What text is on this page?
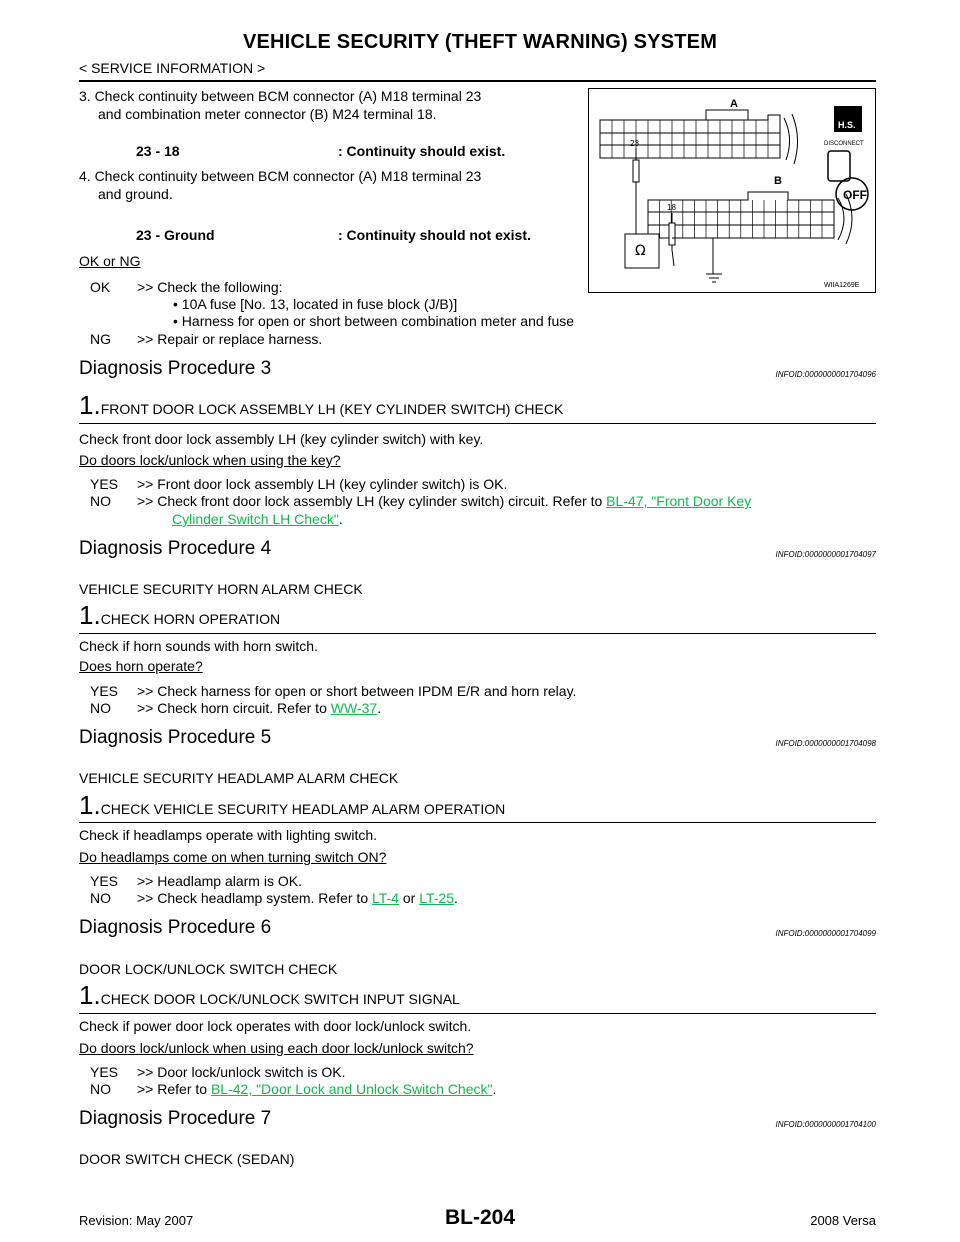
VEHICLE SECURITY (THEFT WARNING) SYSTEM
< SERVICE INFORMATION >
3. Check continuity between BCM connector (A) M18 terminal 23
and combination meter connector (B) M24 terminal 18.
23 - 18	: Continuity should exist.
4. Check continuity between BCM connector (A) M18 terminal 23
and ground.
23 - Ground	: Continuity should not exist.
OK or NG
OK >> Check the following:
• 10A fuse [No. 13, located in fuse block (J/B)]
• Harness for open or short between combination meter and fuse
NG >> Repair or replace harness.
A
B
23
18
Ω
H.S.
DISCONNECT
OFF
WIIA1269E
Diagnosis Procedure 3	INFOID:0000000001704096
1.FRONT DOOR LOCK ASSEMBLY LH (KEY CYLINDER SWITCH) CHECK
Check front door lock assembly LH (key cylinder switch) with key.
Do doors lock/unlock when using the key?
YES >> Front door lock assembly LH (key cylinder switch) is OK.
NO >> Check front door lock assembly LH (key cylinder switch) circuit. Refer to BL-47, "Front Door Key
Cylinder Switch LH Check".
Diagnosis Procedure 4	INFOID:0000000001704097
VEHICLE SECURITY HORN ALARM CHECK
1.CHECK HORN OPERATION
Check if horn sounds with horn switch.
Does horn operate?
YES >> Check harness for open or short between IPDM E/R and horn relay.
NO >> Check horn circuit. Refer to WW-37.
Diagnosis Procedure 5	INFOID:0000000001704098
VEHICLE SECURITY HEADLAMP ALARM CHECK
1.CHECK VEHICLE SECURITY HEADLAMP ALARM OPERATION
Check if headlamps operate with lighting switch.
Do headlamps come on when turning switch ON?
YES >> Headlamp alarm is OK.
NO >> Check headlamp system. Refer to LT-4 or LT-25.
Diagnosis Procedure 6	INFOID:0000000001704099
DOOR LOCK/UNLOCK SWITCH CHECK
1.CHECK DOOR LOCK/UNLOCK SWITCH INPUT SIGNAL
Check if power door lock operates with door lock/unlock switch.
Do doors lock/unlock when using each door lock/unlock switch?
YES >> Door lock/unlock switch is OK.
NO >> Refer to BL-42, "Door Lock and Unlock Switch Check".
Diagnosis Procedure 7	INFOID:0000000001704100
DOOR SWITCH CHECK (SEDAN)
BL-204
Revision: May 2007	2008 Versa
